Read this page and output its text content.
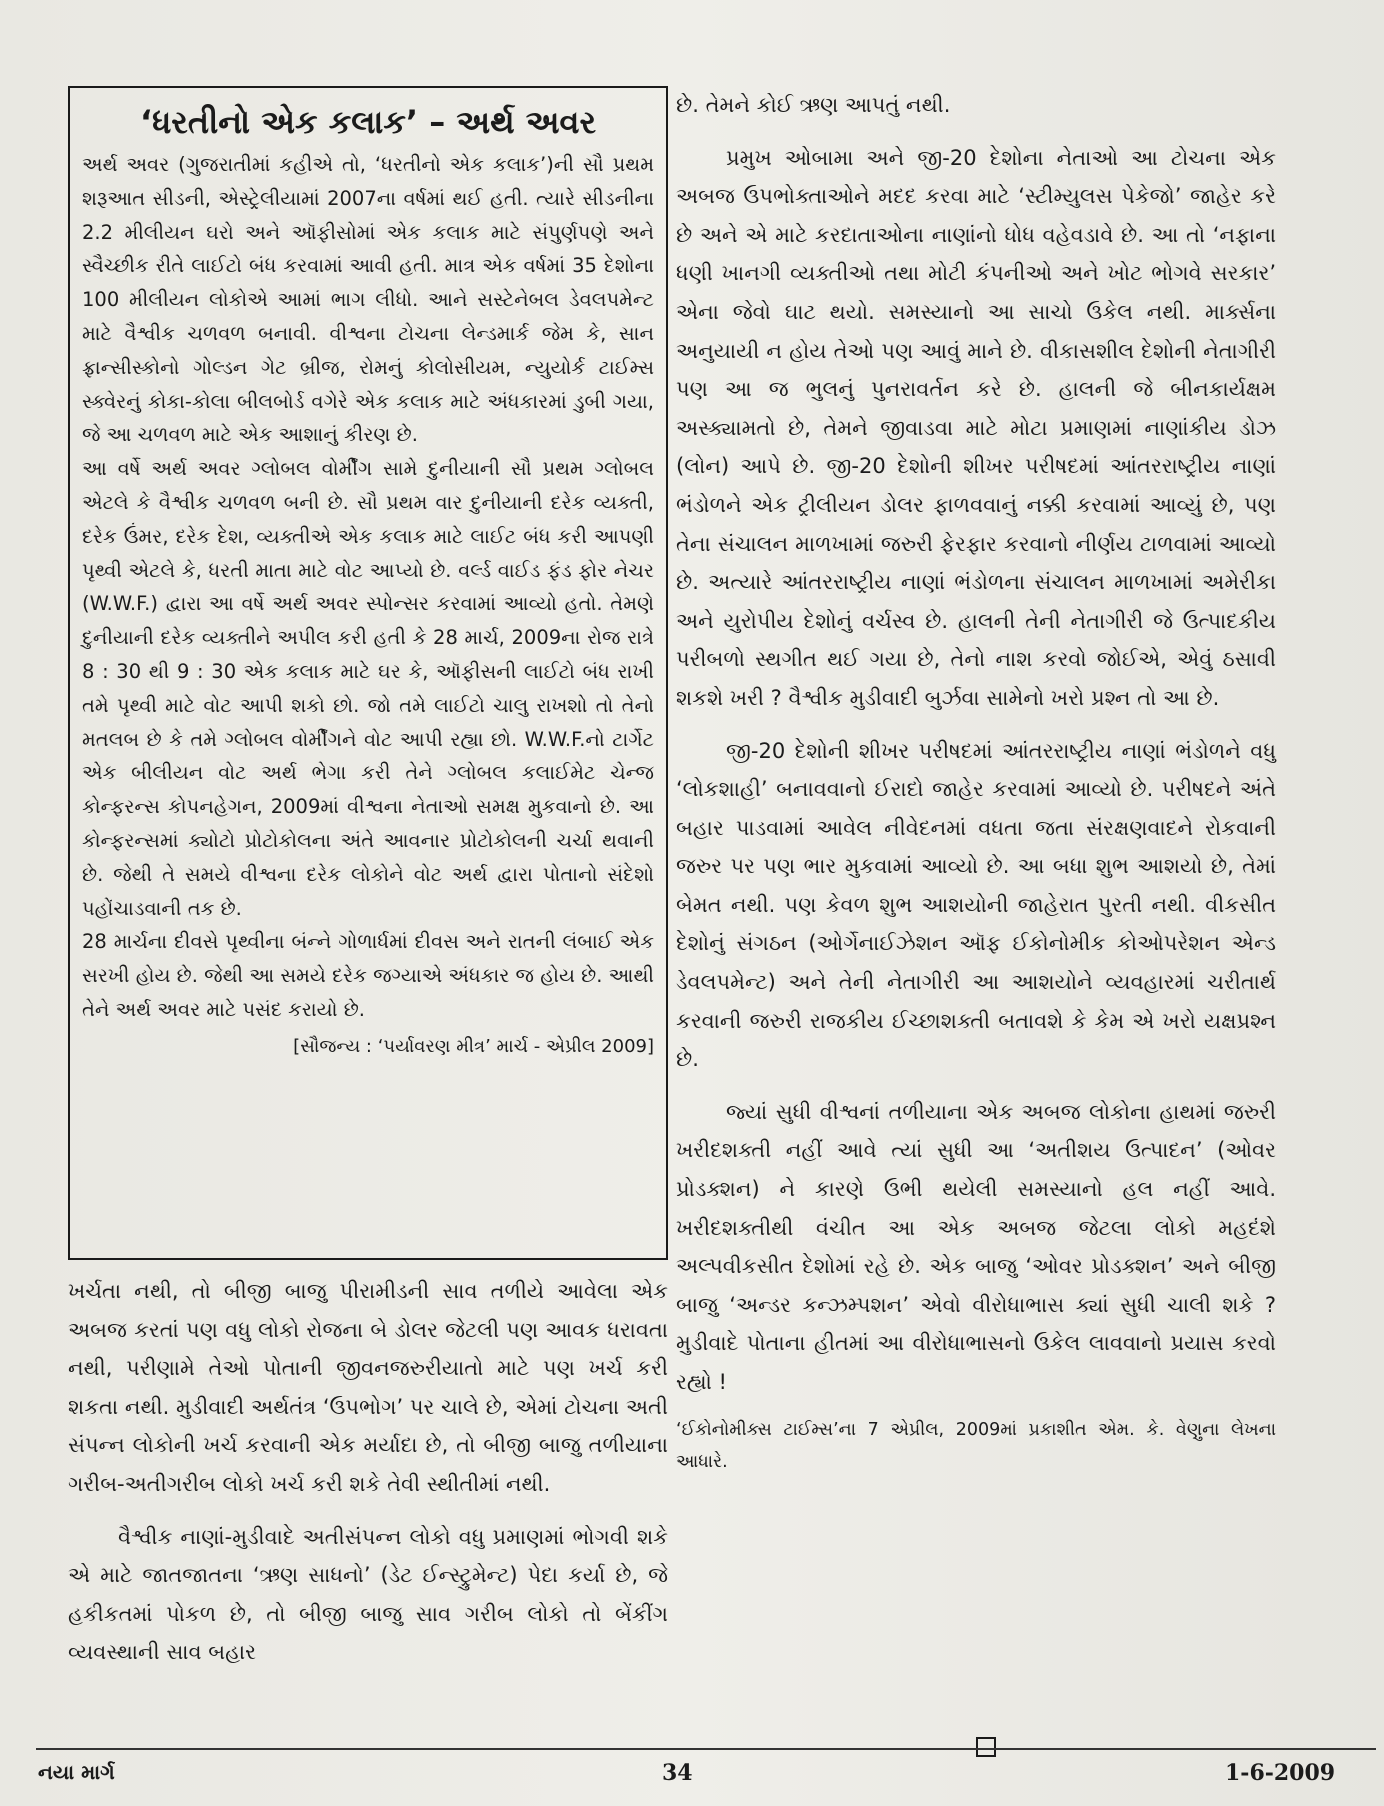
‘ધરતીનો એક કલાક’ – અર્થ અવર

અર્થ અવર (ગુજરાતીમાં કહીએ તો, ‘ધરતીનો એક કલાક’)ની સૌ પ્રથમ શરૂઆત સીડની, એસ્ટ્રેલીયામાં 2007ના વર્ષમાં થઈ હતી. ત્યારે સીડનીના 2.2 મીલીયન ઘરો અને ઑફીસોમાં એક કલાક માટે સંપુર્ણપણે અને સ્વૈચ્છીક રીતે લાઈટો બંધ કરવામાં આવી હતી. માત્ર એક વર્ષમાં 35 દેશોના 100 મીલીયન લોકોએ આમાં ભાગ લીધો. આને સસ્ટેનેબલ ડેવલપમેન્ટ માટે વૈશ્વીક ચળવળ બનાવી. વીશ્વના ટોચના લેન્ડમાર્ક જેમ કે, સાન ફ્રાન્સીસ્કોનો ગોલ્ડન ગેટ બ્રીજ, રોમનું કોલોસીયમ, ન્યુયોર્ક ટાઈમ્સ સ્ક્વેરનું કોકા-કોલા બીલબોર્ડ વગેરે એક કલાક માટે અંધકારમાં ડુબી ગયા, જે આ ચળવળ માટે એક આશાનું કીરણ છે.

આ વર્ષે અર્થ અવર ગ્લોબલ વોર્મીંગ સામે દુનીયાની સૌ પ્રથમ ગ્લોબલ એટલે કે વૈશ્વીક ચળવળ બની છે. સૌ પ્રથમ વાર દુનીયાની દરેક વ્યક્તી, દરેક ઉંમર, દરેક દેશ, વ્યક્તીએ એક કલાક માટે લાઈટ બંધ કરી આપણી પૃથ્વી એટલે કે, ધરતી માતા માટે વોટ આપ્યો છે. વર્લ્ડ વાઈડ ફંડ ફોર નેચર (W.W.F.) દ્વારા આ વર્ષે અર્થ અવર સ્પોન્સર કરવામાં આવ્યો હતો. તેમણે દુનીયાની દરેક વ્યક્તીને અપીલ કરી હતી કે 28 માર્ચ, 2009ના રોજ રાત્રે 8 : 30 થી 9 : 30 એક કલાક માટે ઘર કે, ઑફીસની લાઈટો બંધ રાખી તમે પૃથ્વી માટે વોટ આપી શકો છો. જો તમે લાઈટો ચાલુ રાખશો તો તેનો મતલબ છે કે તમે ગ્લોબલ વોર્મીંગને વોટ આપી રહ્યા છો. W.W.F.નો ટાર્ગેટ એક બીલીયન વોટ અર્થ ભેગા કરી તેને ગ્લોબલ કલાઈમેટ ચેન્જ કોન્ફરન્સ કોપનહેગન, 2009માં વીશ્વના નેતાઓ સમક્ષ મુકવાનો છે. આ કોન્ફરન્સમાં ક્યોટો પ્રોટોકોલના અંતે આવનાર પ્રોટોકોલની ચર્ચા થવાની છે. જેથી તે સમયે વીશ્વના દરેક લોકોને વોટ અર્થ દ્વારા પોતાનો સંદેશો પહોંચાડવાની તક છે.

28 માર્ચના દીવસે પૃથ્વીના બંન્ને ગોળાર્ધમાં દીવસ અને રાતની લંબાઈ એક સરખી હોય છે. જેથી આ સમયે દરેક જગ્યાએ અંધકાર જ હોય છે. આથી તેને અર્થ અવર માટે પસંદ કરાયો છે.

[સૌજન્ય : ‘પર્યાવરણ મીત્ર’ માર્ચ - એપ્રીલ 2009]

ખર્ચતા નથી, તો બીજી બાજુ પીરામીડની સાવ તળીયે આવેલા એક અબજ કરતાં પણ વધુ લોકો રોજના બે ડોલર જેટલી પણ આવક ધરાવતા નથી, પરીણામે તેઓ પોતાની જીવનજરુરીયાતો માટે પણ ખર્ચ કરી શકતા નથી. મુડીવાદી અર્થતંત્ર ‘ઉપભોગ’ પર ચાલે છે, એમાં ટોચના અતી સંપન્ન લોકોની ખર્ચ કરવાની એક મર્યાદા છે, તો બીજી બાજુ તળીયાના ગરીબ-અતીગરીબ લોકો ખર્ચ કરી શકે તેવી સ્થીતીમાં નથી.

વૈશ્વીક નાણાં-મુડીવાદે અતીસંપન્ન લોકો વધુ પ્રમાણમાં ભોગવી શકે એ માટે જાતજાતના ‘ઋણ સાધનો’ (ડેટ ઈન્સ્ટ્રુમેન્ટ) પેદા કર્યા છે, જે હકીકતમાં પોકળ છે, તો બીજી બાજુ સાવ ગરીબ લોકો તો બેંકીંગ વ્યવસ્થાની સાવ બહાર

છે. તેમને કોઈ ઋણ આપતું નથી.

પ્રમુખ ઓબામા અને જી-20 દેશોના નેતાઓ આ ટોચના એક અબજ ઉપભોક્તાઓને મદદ કરવા માટે ‘સ્ટીમ્યુલસ પેકેજો’ જાહેર કરે છે અને એ માટે કરદાતાઓના નાણાંનો ધોધ વહેવડાવે છે. આ તો ‘નફાના ધણી ખાનગી વ્યક્તીઓ તથા મોટી કંપનીઓ અને ખોટ ભોગવે સરકાર’ એના જેવો ઘાટ થયો. સમસ્યાનો આ સાચો ઉકેલ નથી. માર્ક્સના અનુયાયી ન હોય તેઓ પણ આવું માને છે. વીકાસશીલ દેશોની નેતાગીરી પણ આ જ ભુલનું પુનરાવર્તન કરે છે. હાલની જે બીનકાર્યક્ષમ અસ્ક્યામતો છે, તેમને જીવાડવા માટે મોટા પ્રમાણમાં નાણાંકીય ડોઝ (લોન) આપે છે. જી-20 દેશોની શીખર પરીષદમાં આંતરરાષ્ટ્રીય નાણાં ભંડોળને એક ટ્રીલીયન ડોલર ફાળવવાનું નક્કી કરવામાં આવ્યું છે, પણ તેના સંચાલન માળખામાં જરુરી ફેરફાર કરવાનો નીર્ણય ટાળવામાં આવ્યો છે. અત્યારે આંતરરાષ્ટ્રીય નાણાં ભંડોળના સંચાલન માળખામાં અમેરીકા અને યુરોપીય દેશોનું વર્ચસ્વ છે. હાલની તેની નેતાગીરી જે ઉત્પાદકીય પરીબળો સ્થગીત થઈ ગયા છે, તેનો નાશ કરવો જોઈએ, એવું ઠસાવી શકશે ખરી ? વૈશ્વીક મુડીવાદી બુર્ઝવા સામેનો ખરો પ્રશ્ન તો આ છે.

જી-20 દેશોની શીખર પરીષદમાં આંતરરાષ્ટ્રીય નાણાં ભંડોળને વધુ ‘લોકશાહી’ બનાવવાનો ઈરાદો જાહેર કરવામાં આવ્યો છે. પરીષદને અંતે બહાર પાડવામાં આવેલ નીવેદનમાં વધતા જતા સંરક્ષણવાદને રોકવાની જરુર પર પણ ભાર મુકવામાં આવ્યો છે. આ બધા શુભ આશયો છે, તેમાં બેમત નથી. પણ કેવળ શુભ આશયોની જાહેરાત પુરતી નથી. વીકસીત દેશોનું સંગઠન (ઓર્ગેનાઈઝેશન ઑફ ઈકોનોમીક કોઓપરેશન એન્ડ ડેવલપમેન્ટ) અને તેની નેતાગીરી આ આશયોને વ્યવહારમાં ચરીતાર્થ કરવાની જરુરી રાજકીય ઈચ્છાશક્તી બતાવશે કે કેમ એ ખરો યક્ષપ્રશ્ન છે.

જ્યાં સુધી વીશ્વનાં તળીયાના એક અબજ લોકોના હાથમાં જરુરી ખરીદશક્તી નહીં આવે ત્યાં સુધી આ ‘અતીશય ઉત્પાદન’ (ઓવર પ્રોડક્શન) ને કારણે ઉભી થયેલી સમસ્યાનો હલ નહીં આવે. ખરીદશક્તીથી વંચીત આ એક અબજ જેટલા લોકો મહદંશે અલ્પવીકસીત દેશોમાં રહે છે. એક બાજુ ‘ઓવર પ્રોડક્શન’ અને બીજી બાજુ ‘અન્ડર કન્ઝમ્પશન’ એવો વીરોધાભાસ ક્યાં સુધી ચાલી શકે ? મુડીવાદે પોતાના હીતમાં આ વીરોધાભાસનો ઉકેલ લાવવાનો પ્રયાસ કરવો રહ્યો !

‘ઈકોનોમીક્સ ટાઈમ્સ’ના 7 એપ્રીલ, 2009માં પ્રકાશીત એમ. કે. વેણુના લેખના આધારે.

નયા માર્ગ	34	1-6-2009
